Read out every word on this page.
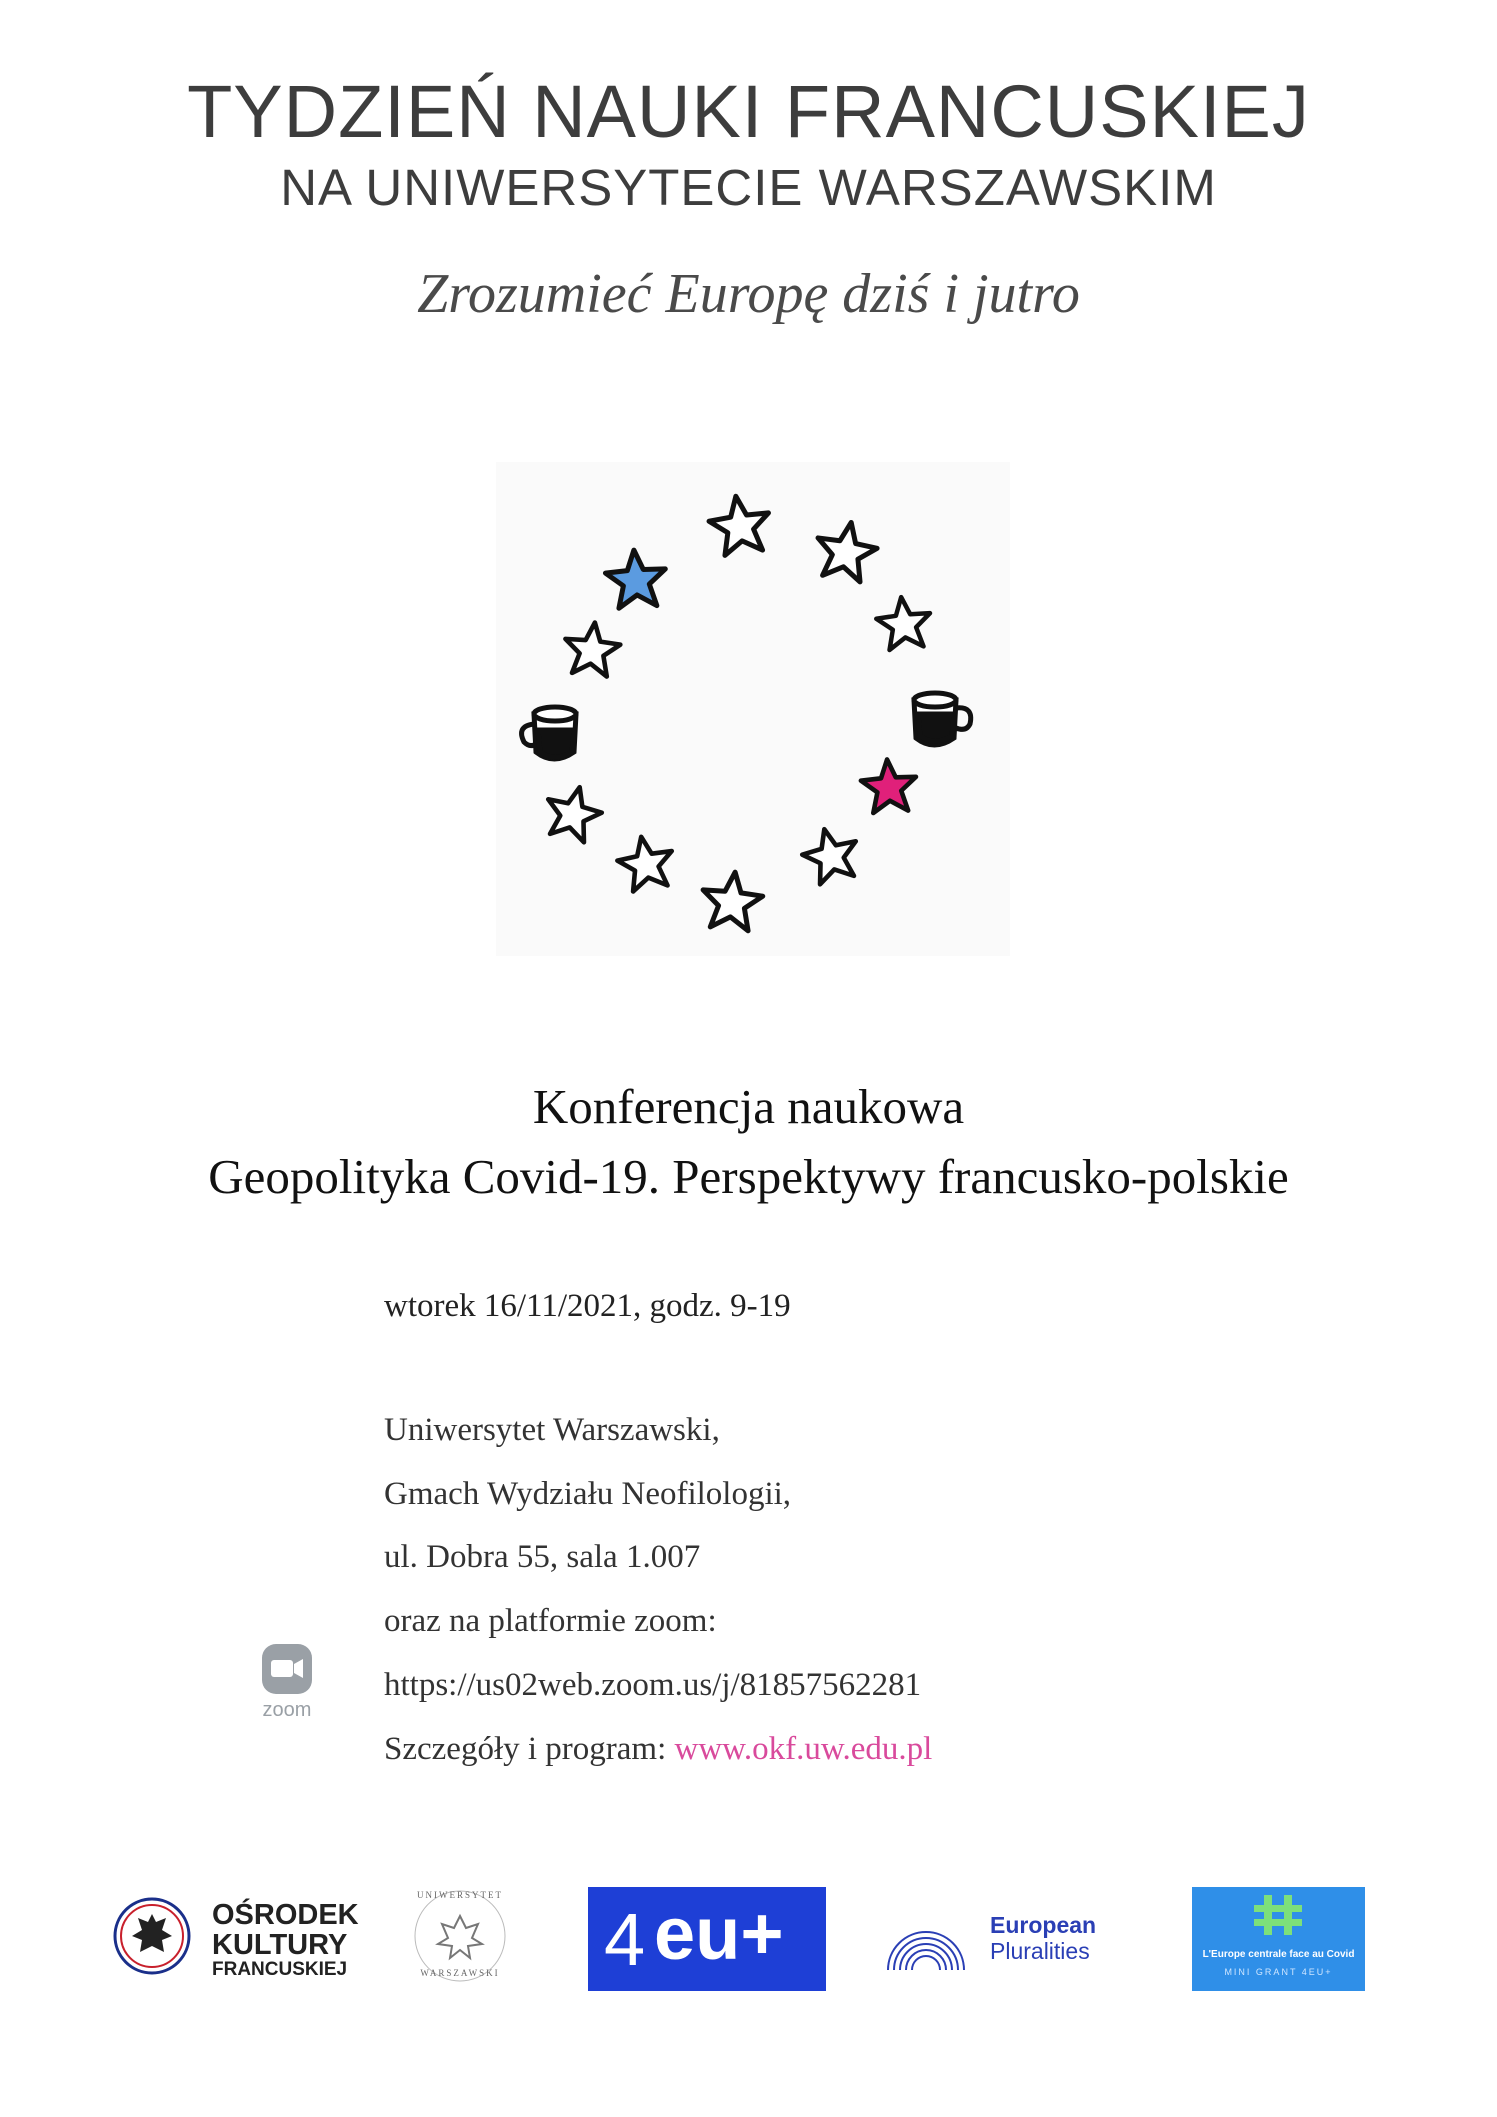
TYDZIEŃ NAUKI FRANCUSKIEJ
NA UNIWERSYTECIE WARSZAWSKIM
Zrozumieć Europę dziś i jutro
Konferencja naukowa
Geopolityka Covid-19. Perspektywy francusko-polskie
wtorek 16/11/2021, godz. 9-19
Uniwersytet Warszawski,
Gmach Wydziału Neofilologii,
ul. Dobra 55, sala 1.007
oraz na platformie zoom:
https://us02web.zoom.us/j/81857562281
Szczegóły i program: www.okf.uw.edu.pl
zoom
OŚRODEK
KULTURY
FRANCUSKIEJ
UNIWERSYTET
WARSZAWSKI 4 eu+	European
Pluralities	L'Europe centrale face au Covid
MINI GRANT 4EU+
